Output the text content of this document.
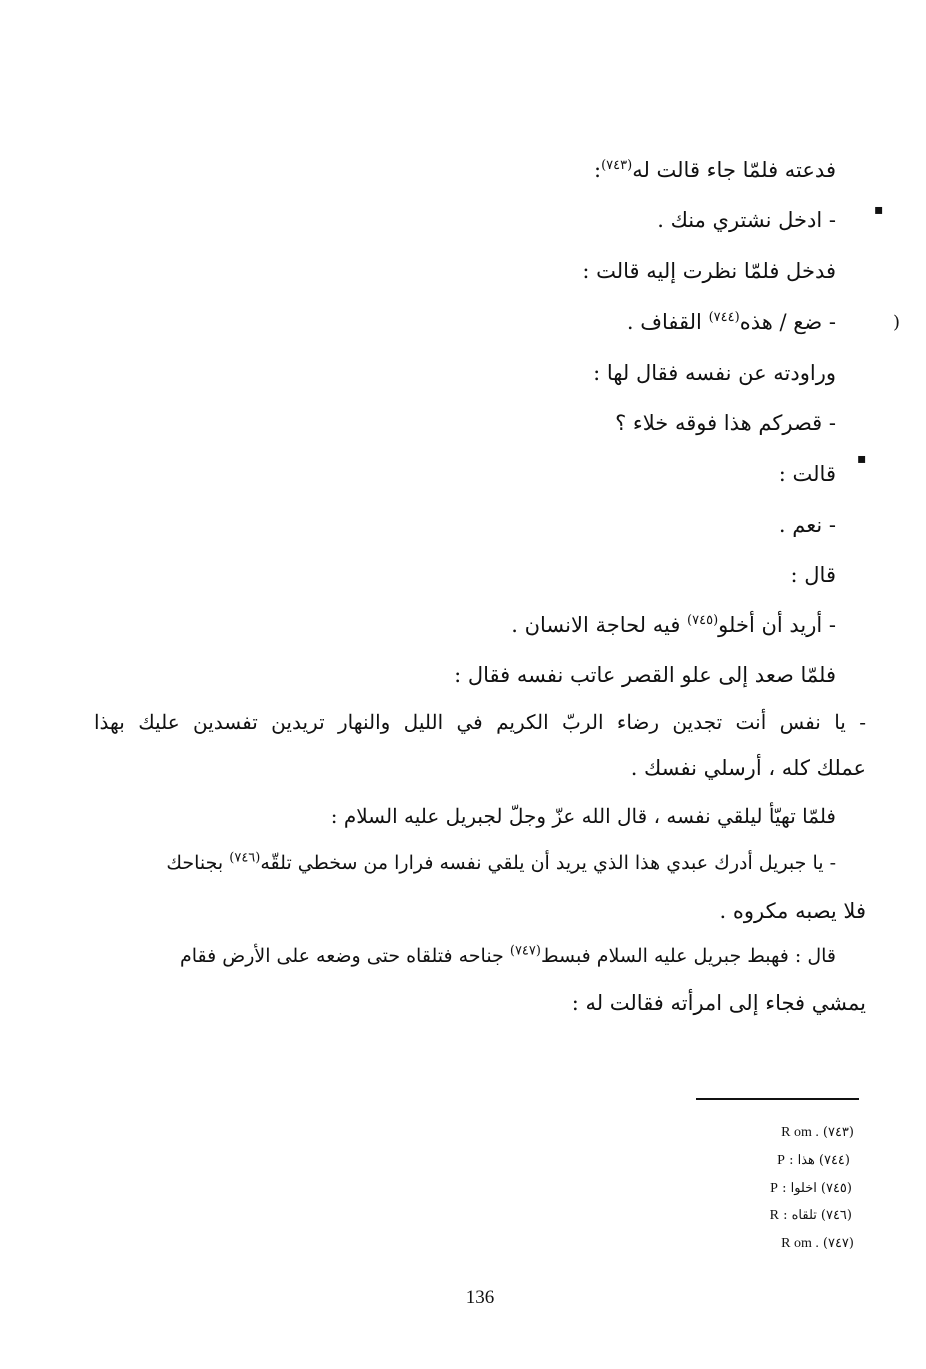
فدعته فلمّا جاء قالت له$^{(٧٤٣)}$:
- ادخل نشتري منك .
فدخل فلمّا نظرت إليه قالت :
- ضع / هذه$^{(٧٤٤)}$ القفاف .
وراودته عن نفسه فقال لها :
- قصركم هذا فوقه خلاء ؟
قالت :
- نعم .
قال :
- أريد أن أخلو$^{(٧٤٥)}$ فيه لحاجة الانسان .
فلمّا صعد إلى علو القصر عاتب نفسه فقال :
- يا نفس أنت تجدين رضاء الربّ الكريم في الليل والنهار تريدين تفسدين عليك بهذا
عملك كله ، أرسلي نفسك .
فلمّا تهيّأ ليلقي نفسه ، قال الله عزّ وجلّ لجبريل عليه السلام :
- يا جبريل أدرك عبدي هذا الذي يريد أن يلقي نفسه فرارا من سخطي تلقّه$^{(٧٤٦)}$ بجناحك
فلا يصبه مكروه .
قال : فهبط جبريل عليه السلام فبسط$^{(٧٤٧)}$ جناحه فتلقاه حتى وضعه على الأرض فقام
يمشي فجاء إلى امرأته فقالت له :
▪
)
▪
(٧٤٣)R om .
(٧٤٤)هذا : P
(٧٤٥)اخلوا : P
(٧٤٦)تلقاه : R
(٧٤٧)R om .
136
